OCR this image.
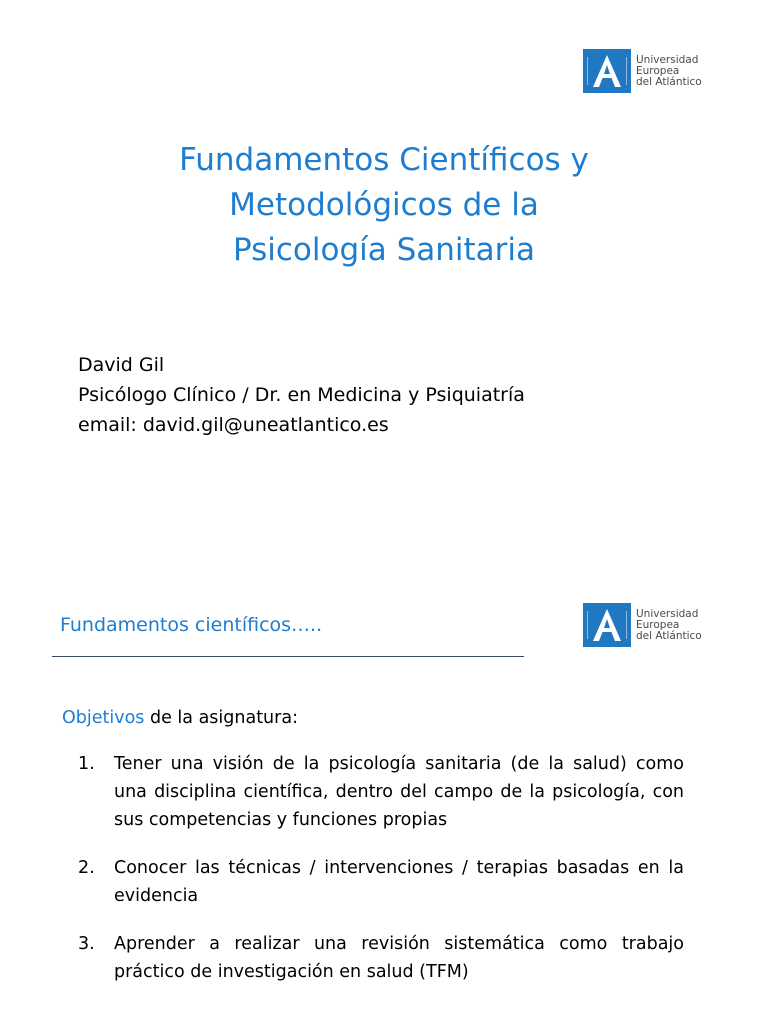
Universidad
Europea
del Atlántico
Fundamentos Científicos y
Metodológicos de la
Psicología Sanitaria
David Gil
Psicólogo Clínico / Dr. en Medicina y Psiquiatría
email: david.gil@uneatlantico.es
Fundamentos científicos…..
Universidad
Europea
del Atlántico
Objetivos de la asignatura:
1. Tener una visión de la psicología sanitaria (de la salud) como una disciplina científica, dentro del campo de la psicología, con sus competencias y funciones propias
2. Conocer las técnicas / intervenciones / terapias basadas en la evidencia
3. Aprender a realizar una revisión sistemática como trabajo práctico de investigación en salud (TFM)
